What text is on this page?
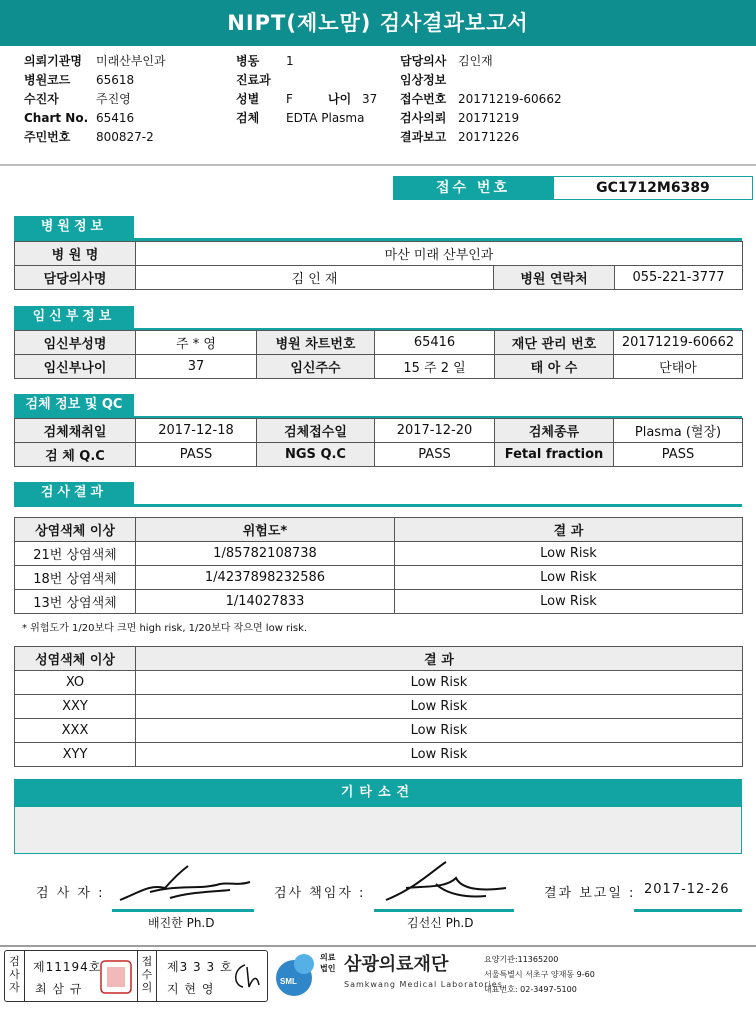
NIPT(제노맘) 검사결과보고서
의뢰기관명 미래산부인과
병원코드 65618
수진자	주진영
Chart No. 65416
주민번호 800827-2
병동 1
진료과
성별 F	나이 37
검체 EDTA Plasma
담당의사 김인재
임상정보
접수번호 20171219-60662
검사의뢰 20171219
결과보고 20171226
접수 번호	GC1712M6389
병원정보
병 원 명	마산 미래 산부인과		
담당의사명	김 인 재	병원 연락처	055-221-3777
임신부정보
임신부성명	주 * 영	병원 차트번호	65416	재단 관리 번호	20171219-60662
임신부나이	37	임신주수	15 주 2 일	태 아 수	단태아
검체 정보 및 QC
검체채취일	2017-12-18	검체접수일	2017-12-20	검체종류	Plasma (혈장)
검 체 Q.C	PASS	NGS Q.C	PASS	Fetal fraction	PASS
검사결과
상염색체 이상	위험도*	결 과
21번 상염색체	1/85782108738	Low Risk
18번 상염색체	1/4237898232586	Low Risk
13번 상염색체	1/14027833	Low Risk
* 위험도가 1/20보다 크면 high risk, 1/20보다 작으면 low risk.
성염색체 이상	결 과
XO	Low Risk
XXY	Low Risk
XXX	Low Risk
XYY	Low Risk
기타소견
검 사 자 :
배진한 Ph.D
검사 책임자 :
김선신 Ph.D
결과 보고일 : 2017-12-26
검사자
제11194호
최 삼 규
접수의
제3 3 3 호
지 현 영
SML
의료법인 삼광의료재단
Samkwang Medical Laboratories
요양기관:11365200
서울특별시 서초구 양재동 9-60
대표번호: 02-3497-5100
